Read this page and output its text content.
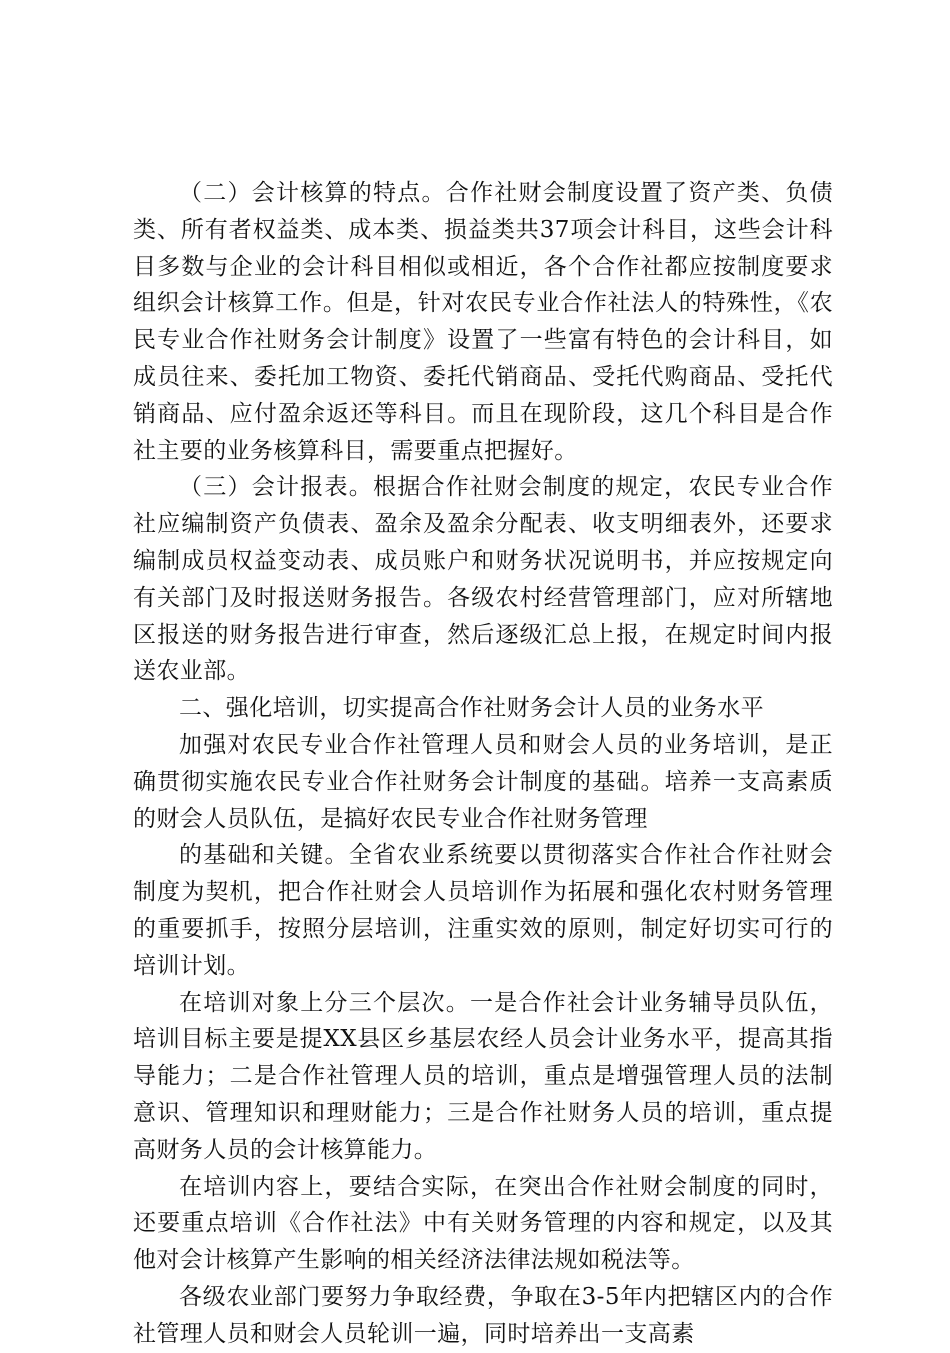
（二）会计核算的特点。合作社财会制度设置了资产类、负债类、所有者权益类、成本类、损益类共37项会计科目，这些会计科目多数与企业的会计科目相似或相近，各个合作社都应按制度要求组织会计核算工作。但是，针对农民专业合作社法人的特殊性，《农民专业合作社财务会计制度》设置了一些富有特色的会计科目，如成员往来、委托加工物资、委托代销商品、受托代购商品、受托代销商品、应付盈余返还等科目。而且在现阶段，这几个科目是合作社主要的业务核算科目，需要重点把握好。

（三）会计报表。根据合作社财会制度的规定，农民专业合作社应编制资产负债表、盈余及盈余分配表、收支明细表外，还要求编制成员权益变动表、成员账户和财务状况说明书，并应按规定向有关部门及时报送财务报告。各级农村经营管理部门，应对所辖地区报送的财务报告进行审查，然后逐级汇总上报，在规定时间内报送农业部。

二、强化培训，切实提高合作社财务会计人员的业务水平

加强对农民专业合作社管理人员和财会人员的业务培训，是正确贯彻实施农民专业合作社财务会计制度的基础。培养一支高素质的财会人员队伍，是搞好农民专业合作社财务管理

的基础和关键。全省农业系统要以贯彻落实合作社合作社财会制度为契机，把合作社财会人员培训作为拓展和强化农村财务管理的重要抓手，按照分层培训，注重实效的原则，制定好切实可行的培训计划。

在培训对象上分三个层次。一是合作社会计业务辅导员队伍，培训目标主要是提XX县区乡基层农经人员会计业务水平，提高其指导能力；二是合作社管理人员的培训，重点是增强管理人员的法制意识、管理知识和理财能力；三是合作社财务人员的培训，重点提高财务人员的会计核算能力。

在培训内容上，要结合实际，在突出合作社财会制度的同时，还要重点培训《合作社法》中有关财务管理的内容和规定，以及其他对会计核算产生影响的相关经济法律法规如税法等。

各级农业部门要努力争取经费，争取在3-5年内把辖区内的合作社管理人员和财会人员轮训一遍，同时培养出一支高素
